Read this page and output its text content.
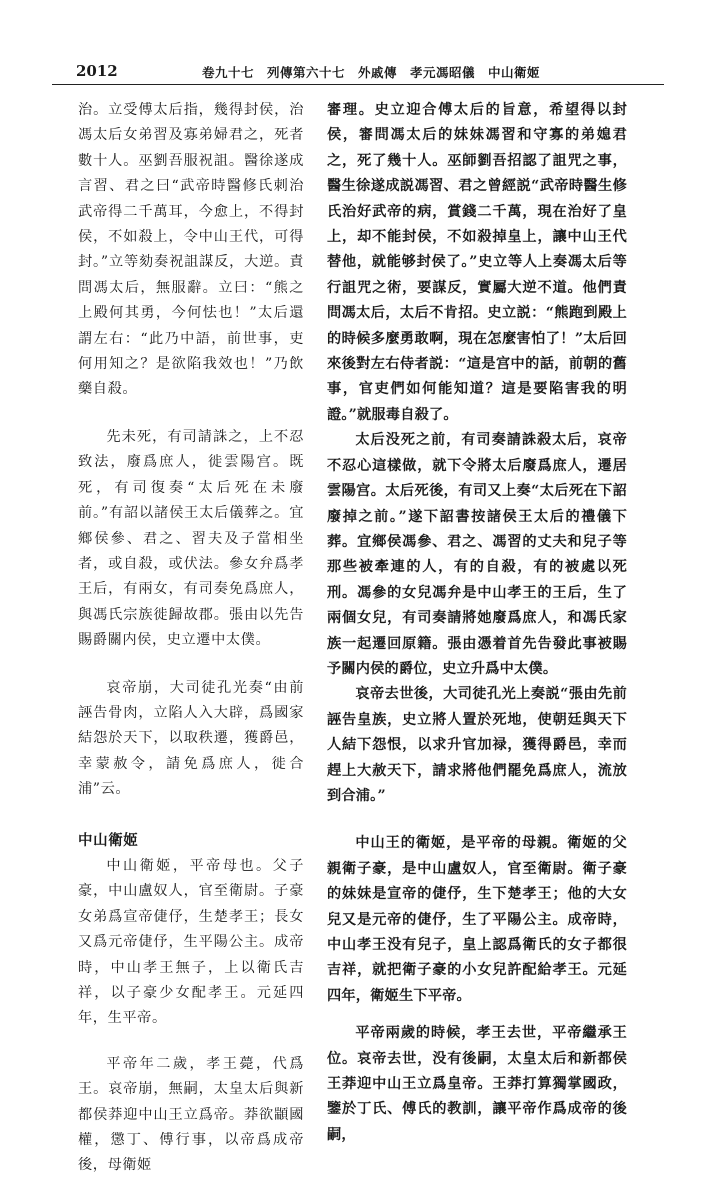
2012	卷九十七　列傳第六十七　外戚傳　孝元馮昭儀　中山衛姬

治。立受傅太后指，幾得封侯，治馮太后女弟習及寡弟婦君之，死者數十人。巫劉吾服祝詛。醫徐遂成言習、君之曰“武帝時醫修氏刺治武帝得二千萬耳，今愈上，不得封侯，不如殺上，令中山王代，可得封。”立等劾奏祝詛謀反，大逆。責問馮太后，無服辭。立曰：“熊之上殿何其勇，今何怯也！”太后還謂左右：“此乃中語，前世事，吏何用知之？是欲陷我效也！”乃飲藥自殺。

先未死，有司請誅之，上不忍致法，廢爲庶人，徙雲陽宫。既死，有司復奏“太后死在未廢前。”有詔以諸侯王太后儀葬之。宜鄉侯參、君之、習夫及子當相坐者，或自殺，或伏法。參女弁爲孝王后，有兩女，有司奏免爲庶人，與馮氏宗族徙歸故郡。張由以先告賜爵關内侯，史立遷中太僕。

哀帝崩，大司徒孔光奏“由前誣告骨肉，立陷人入大辟，爲國家結怨於天下，以取秩遷，獲爵邑，幸蒙赦令，請免爲庶人，徙合浦”云。

中山衛姬

中山衛姬，平帝母也。父子豪，中山盧奴人，官至衛尉。子豪女弟爲宣帝倢伃，生楚孝王；長女又爲元帝倢伃，生平陽公主。成帝時，中山孝王無子，上以衛氏吉祥，以子豪少女配孝王。元延四年，生平帝。

平帝年二歲，孝王薨，代爲王。哀帝崩，無嗣，太皇太后與新都侯莽迎中山王立爲帝。莽欲顓國權，懲丁、傅行事，以帝爲成帝後，母衛姬

審理。史立迎合傅太后的旨意，希望得以封侯，審問馮太后的妹妹馮習和守寡的弟媳君之，死了幾十人。巫師劉吾招認了詛咒之事，醫生徐遂成説馮習、君之曾經説“武帝時醫生修氏治好武帝的病，賞錢二千萬，現在治好了皇上，却不能封侯，不如殺掉皇上，讓中山王代替他，就能够封侯了。”史立等人上奏馮太后等行詛咒之術，要謀反，實屬大逆不道。他們責問馮太后，太后不肯招。史立説：“熊跑到殿上的時候多麼勇敢啊，現在怎麼害怕了！”太后回來後對左右侍者説：“這是宫中的話，前朝的舊事，官吏們如何能知道？這是要陷害我的明證。”就服毒自殺了。

太后没死之前，有司奏請誅殺太后，哀帝不忍心這樣做，就下令將太后廢爲庶人，遷居雲陽宫。太后死後，有司又上奏“太后死在下詔廢掉之前。”遂下詔書按諸侯王太后的禮儀下葬。宜鄉侯馮參、君之、馮習的丈夫和兒子等那些被牽連的人，有的自殺，有的被處以死刑。馮參的女兒馮弁是中山孝王的王后，生了兩個女兒，有司奏請將她廢爲庶人，和馮氏家族一起遷回原籍。張由憑着首先告發此事被賜予關内侯的爵位，史立升爲中太僕。

哀帝去世後，大司徒孔光上奏説“張由先前誣告皇族，史立將人置於死地，使朝廷與天下人結下怨恨，以求升官加禄，獲得爵邑，幸而趕上大赦天下，請求將他們罷免爲庶人，流放到合浦。”

中山王的衛姬，是平帝的母親。衛姬的父親衛子豪，是中山盧奴人，官至衛尉。衛子豪的妹妹是宣帝的倢伃，生下楚孝王；他的大女兒又是元帝的倢伃，生了平陽公主。成帝時，中山孝王没有兒子，皇上認爲衛氏的女子都很吉祥，就把衛子豪的小女兒許配給孝王。元延四年，衛姬生下平帝。

平帝兩歲的時候，孝王去世，平帝繼承王位。哀帝去世，没有後嗣，太皇太后和新都侯王莽迎中山王立爲皇帝。王莽打算獨掌國政，鑒於丁氏、傅氏的教訓，讓平帝作爲成帝的後嗣，
